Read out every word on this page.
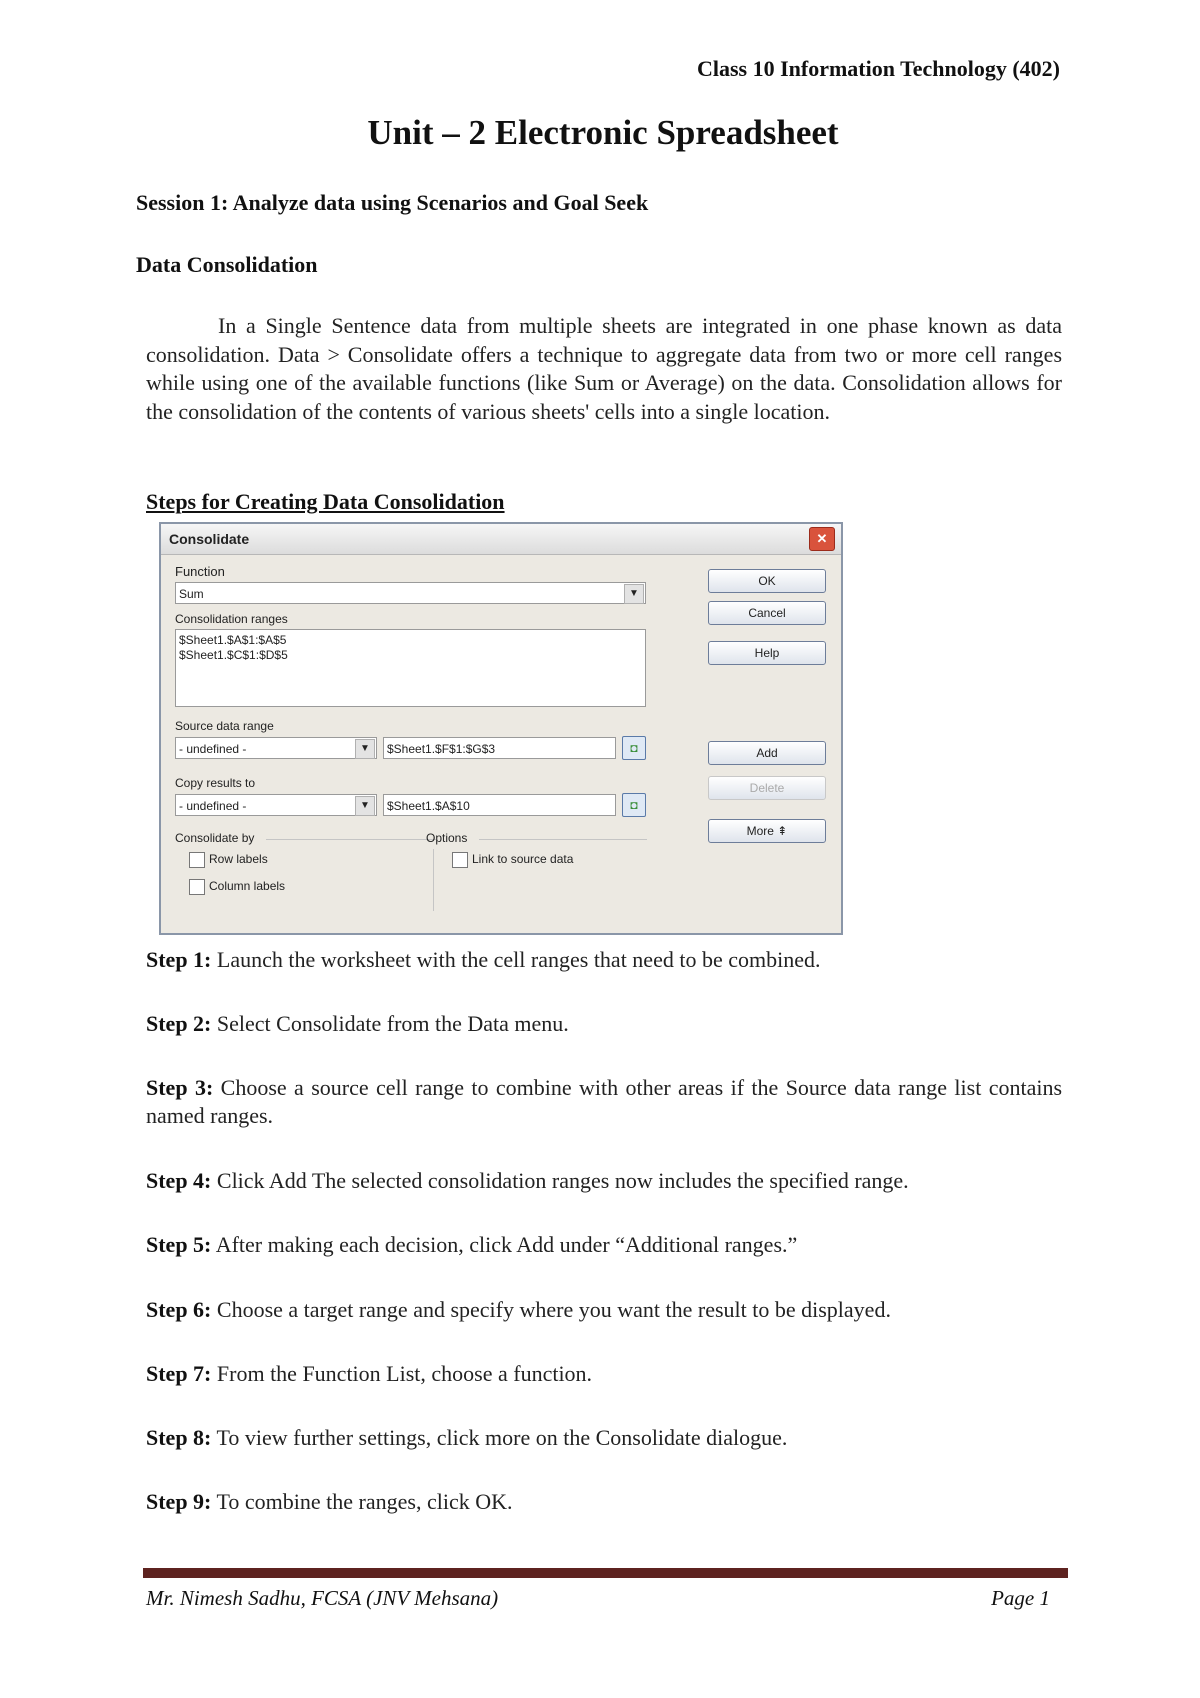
Class 10 Information Technology (402)
Unit – 2 Electronic Spreadsheet
Session 1: Analyze data using Scenarios and Goal Seek
Data Consolidation
In a Single Sentence data from multiple sheets are integrated in one phase known as data consolidation. Data > Consolidate offers a technique to aggregate data from two or more cell ranges while using one of the available functions (like Sum or Average) on the data. Consolidation allows for the consolidation of the contents of various sheets' cells into a single location.
Steps for Creating Data Consolidation
Consolidate	✕
Function
Sum	▼
Consolidation ranges
$Sheet1.$A$1:$A$5
$Sheet1.$C$1:$D$5
Source data range
- undefined -	▼	$Sheet1.$F$1:$G$3	◘
Copy results to
- undefined -	▼	$Sheet1.$A$10	◘
Consolidate by	Options
Row labels
Column labels
Link to source data
OK
Cancel
Help
Add
Delete
More ⇞
Step 1: Launch the worksheet with the cell ranges that need to be combined.
Step 2: Select Consolidate from the Data menu.
Step 3: Choose a source cell range to combine with other areas if the Source data range list contains named ranges.
Step 4: Click Add The selected consolidation ranges now includes the specified range.
Step 5: After making each decision, click Add under “Additional ranges.”
Step 6: Choose a target range and specify where you want the result to be displayed.
Step 7: From the Function List, choose a function.
Step 8: To view further settings, click more on the Consolidate dialogue.
Step 9: To combine the ranges, click OK.
Mr. Nimesh Sadhu, FCSA (JNV Mehsana)	Page 1
